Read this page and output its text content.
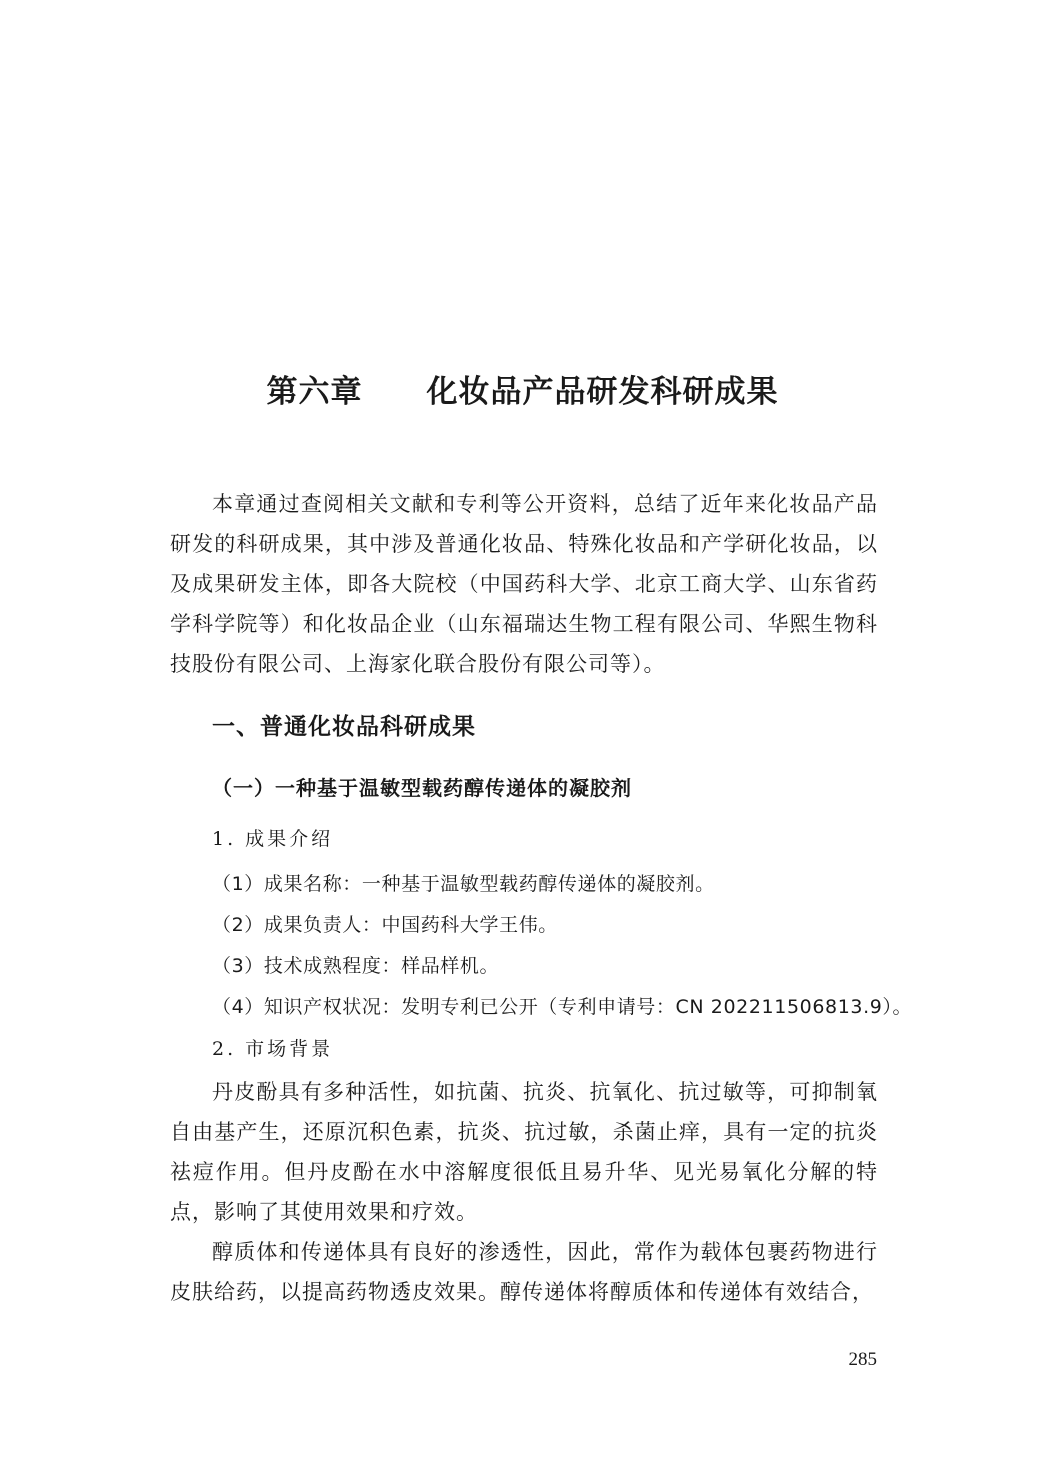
第六章　　化妆品产品研发科研成果

本章通过查阅相关文献和专利等公开资料，总结了近年来化妆品产品研发的科研成果，其中涉及普通化妆品、特殊化妆品和产学研化妆品，以及成果研发主体，即各大院校（中国药科大学、北京工商大学、山东省药学科学院等）和化妆品企业（山东福瑞达生物工程有限公司、华熙生物科技股份有限公司、上海家化联合股份有限公司等）。

一、普通化妆品科研成果
（一）一种基于温敏型载药醇传递体的凝胶剂
1. 成果介绍
（1）成果名称：一种基于温敏型载药醇传递体的凝胶剂。
（2）成果负责人：中国药科大学王伟。
（3）技术成熟程度：样品样机。
（4）知识产权状况：发明专利已公开（专利申请号：CN 202211506813.9）。
2. 市场背景

丹皮酚具有多种活性，如抗菌、抗炎、抗氧化、抗过敏等，可抑制氧自由基产生，还原沉积色素，抗炎、抗过敏，杀菌止痒，具有一定的抗炎祛痘作用。但丹皮酚在水中溶解度很低且易升华、见光易氧化分解的特点，影响了其使用效果和疗效。

醇质体和传递体具有良好的渗透性，因此，常作为载体包裹药物进行皮肤给药，以提高药物透皮效果。醇传递体将醇质体和传递体有效结合，

285
